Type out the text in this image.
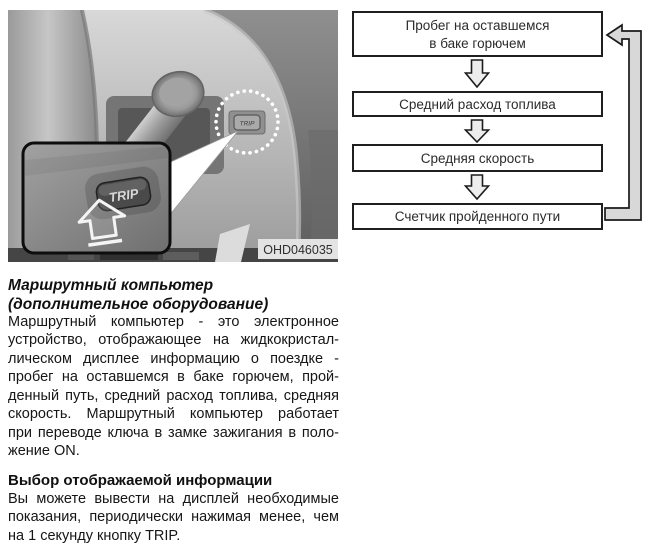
TRIP
TRIP
OHD046035
Пробег на оставшемся
в баке горючем
Средний расход топлива
Средняя скорость
Счетчик пройденного пути
Маршрутный компьютер
(дополнительное оборудование)
Маршрутный компьютер - это электронное
устройство, отображающее на жидкокристал-
лическом дисплее информацию о поездке -
пробег на оставшемся в баке горючем, прой-
денный путь, средний расход топлива, средняя
скорость. Маршрутный компьютер работает
при переводе ключа в замке зажигания в поло-
жение ON.
Выбор отображаемой информации
Вы можете вывести на дисплей необходимые
показания, периодически нажимая менее, чем
на 1 секунду кнопку TRIP.
